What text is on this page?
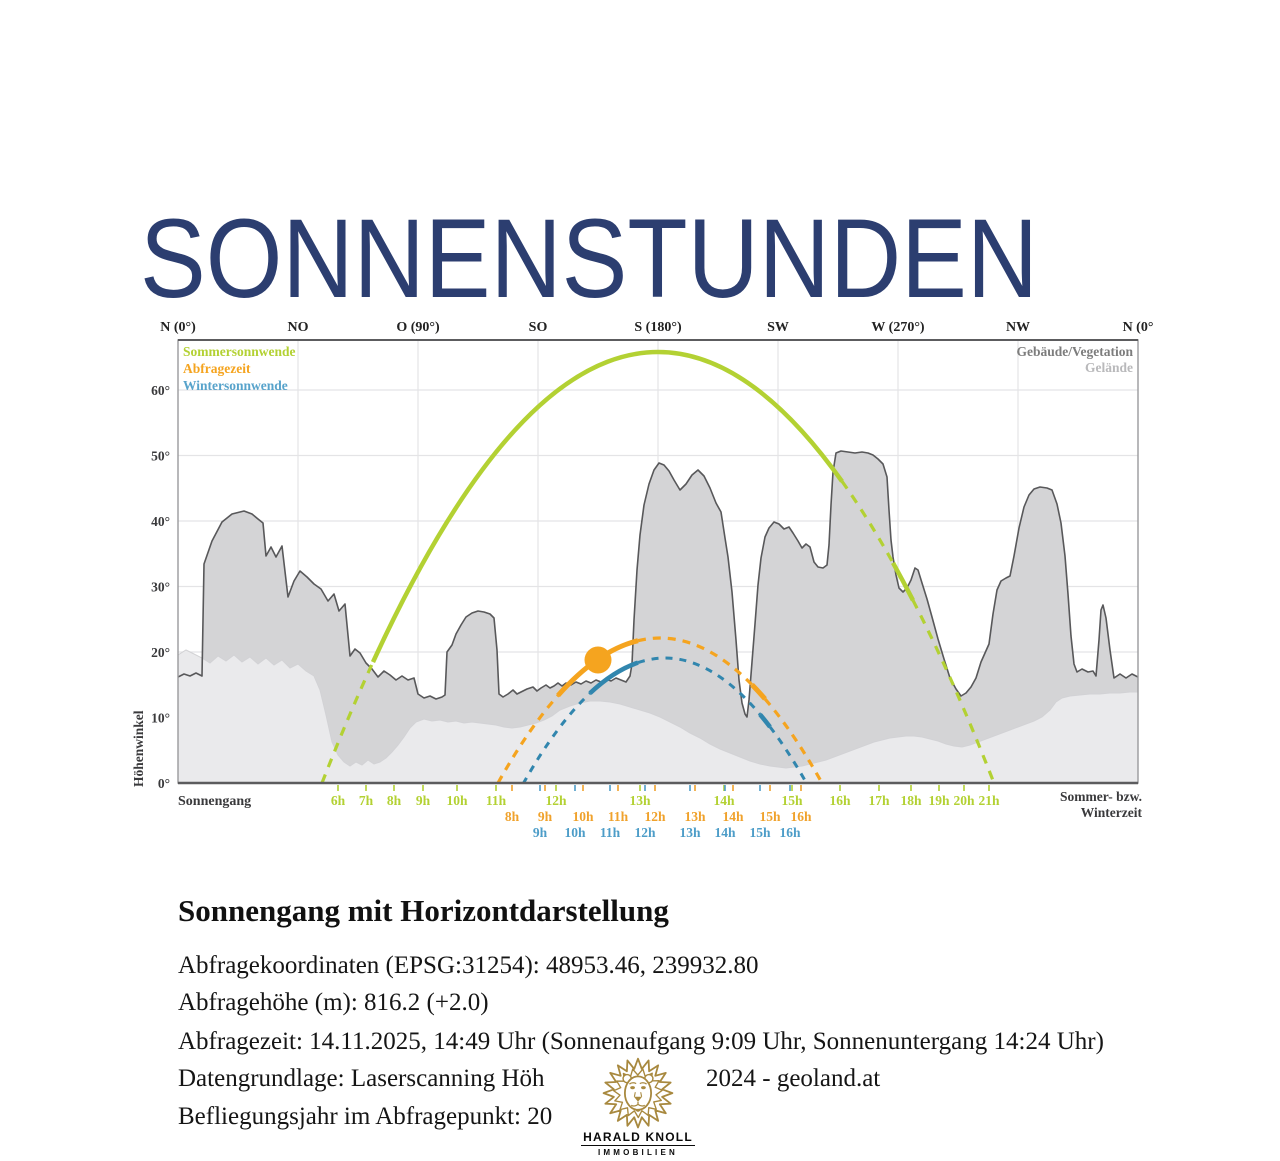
SONNENSTUNDEN
N (0°)	NO	O (90°)	SO	S (180°)	SW	W (270°)	NW	N (0°
0°
10°
20°
30°
40°
50°
60°
Höhenwinkel
6h 7h 8h 9h 10h 11h	12h	13h	14h	15h 16h 17h 18h 19h 20h 21h
8h 9h 10h 11h 12h 13h 14h 15h 16h
9h 10h 11h 12h 13h 14h 15h 16h
Sommersonnwende
Abfragezeit
Wintersonnwende
Gebäude/Vegetation
Gelände
Sonnengang	Sommer- bzw.
Winterzeit
Sonnengang mit Horizontdarstellung

Abfragekoordinaten (EPSG:31254): 48953.46, 239932.80

Abfragehöhe (m): 816.2 (+2.0)

Abfragezeit: 14.11.2025, 14:49 Uhr (Sonnenaufgang 9:09 Uhr, Sonnenuntergang 14:24 Uhr)

Datengrundlage: Laserscanning Höh	2024 - geoland.at

Befliegungsjahr im Abfragepunkt: 20

HARALD KNOLL
IMMOBILIEN
